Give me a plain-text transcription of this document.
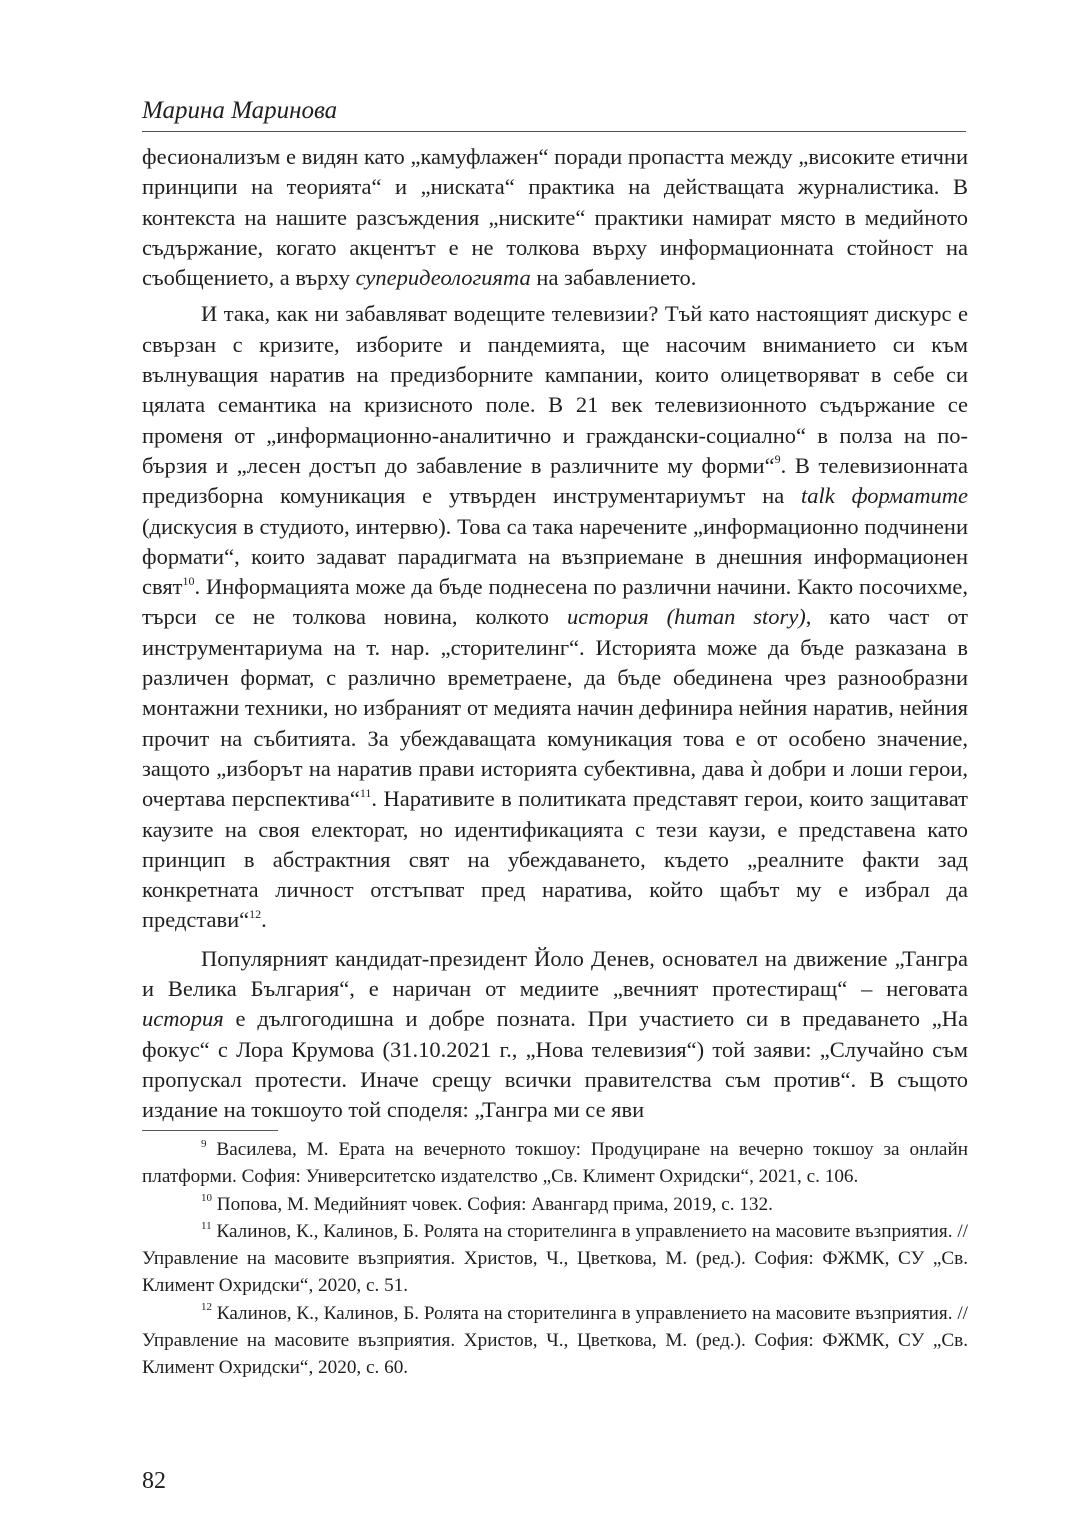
Марина Маринова

фесионализъм е видян като „камуфлажен“ поради пропастта между „високите етични принципи на теорията“ и „ниската“ практика на действащата журналистика. В контекста на нашите разсъждения „ниските“ практики намират място в медийното съдържание, когато акцентът е не толкова върху информационната стойност на съобщението, а върху суперидеологията на забавлението.

И така, как ни забавляват водещите телевизии? Тъй като настоящият дискурс е свързан с кризите, изборите и пандемията, ще насочим вниманието си към вълнуващия наратив на предизборните кампании, които олицетворяват в себе си цялата семантика на кризисното поле. В 21 век телевизионното съдържание се променя от „информационно-аналитично и граждански-социално“ в полза на по-бързия и „лесен достъп до забавление в различните му форми“$^9$. В телевизионната предизборна комуникация е утвърден инструментариумът на talk форматите (дискусия в студиото, интервю). Това са така наречените „информационно подчинени формати“, които задават парадигмата на възприемане в днешния информационен свят$^{10}$. Информацията може да бъде поднесена по различни начини. Както посочихме, търси се не толкова новина, колкото история (human story), като част от инструментариума на т. нар. „сторителинг“. Историята може да бъде разказана в различен формат, с различно времетраене, да бъде обединена чрез разнообразни монтажни техники, но избраният от медията начин дефинира нейния наратив, нейния прочит на събитията. За убеждаващата комуникация това е от особено значение, защото „изборът на наратив прави историята субективна, дава ѝ добри и лоши герои, очертава перспектива“$^{11}$. Наративите в политиката представят герои, които защитават каузите на своя електорат, но идентификацията с тези каузи, е представена като принцип в абстрактния свят на убеждаването, където „реалните факти зад конкретната личност отстъпват пред наратива, който щабът му е избрал да представи“$^{12}$.

Популярният кандидат-президент Йоло Денев, основател на движение „Тангра и Велика България“, е наричан от медиите „вечният протестиращ“ – неговата история е дългогодишна и добре позната. При участието си в предаването „На фокус“ с Лора Крумова (31.10.2021 г., „Нова телевизия“) той заяви: „Случайно съм пропускал протести. Иначе срещу всички правителства съм против“. В същото издание на токшоуто той споделя: „Тангра ми се яви

$^9$ Василева, М. Ерата на вечерното токшоу: Продуциране на вечерно токшоу за онлайн платформи. София: Университетско издателство „Св. Климент Охридски“, 2021, с. 106.

$^{10}$ Попова, М. Медийният човек. София: Авангард прима, 2019, с. 132.

$^{11}$ Калинов, К., Калинов, Б. Ролята на сторителинга в управлението на масовите възприятия. // Управление на масовите възприятия. Христов, Ч., Цветкова, М. (ред.). София: ФЖМК, СУ „Св. Климент Охридски“, 2020, с. 51.

$^{12}$ Калинов, К., Калинов, Б. Ролята на сторителинга в управлението на масовите възприятия. // Управление на масовите възприятия. Христов, Ч., Цветкова, М. (ред.). София: ФЖМК, СУ „Св. Климент Охридски“, 2020, с. 60.

82
